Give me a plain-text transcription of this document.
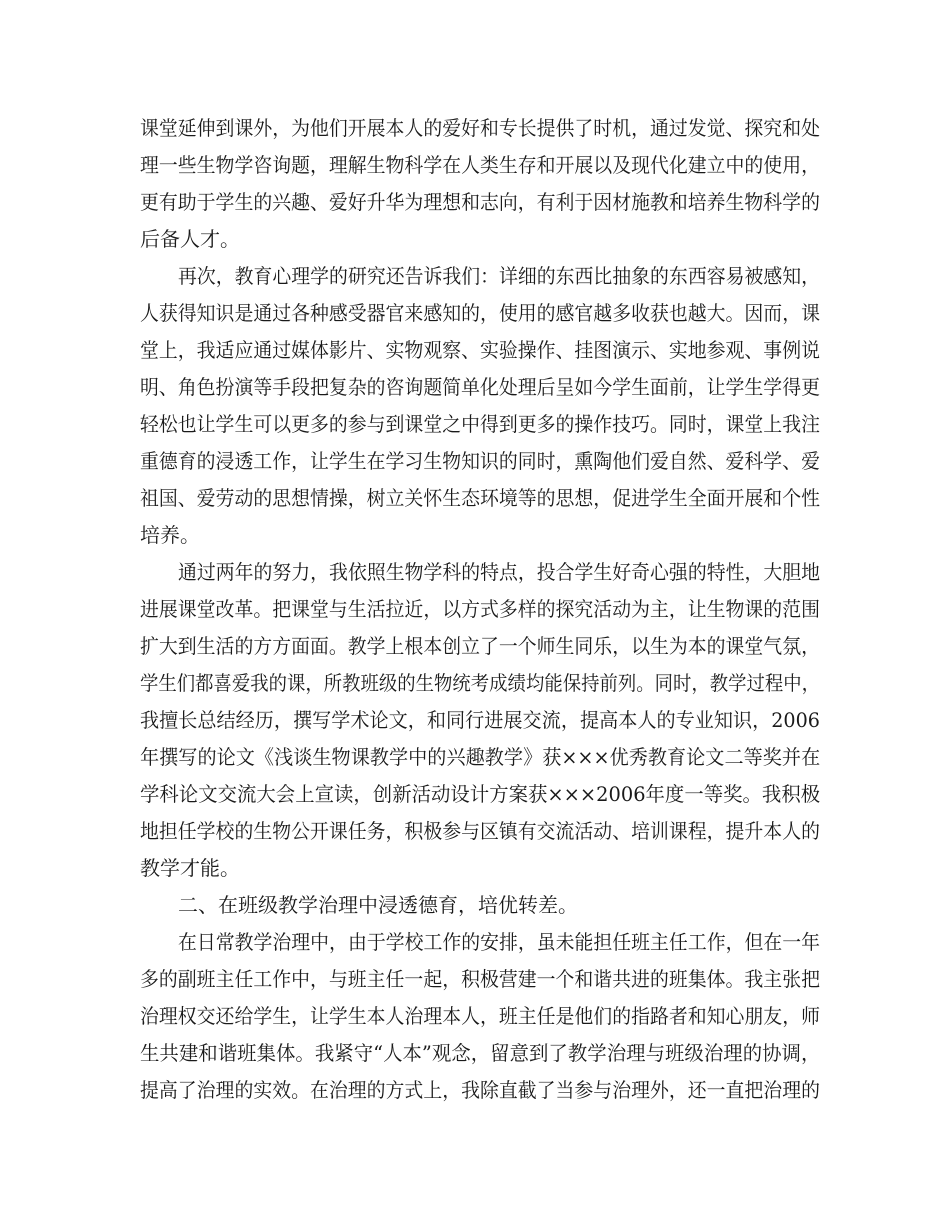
课堂延伸到课外，为他们开展本人的爱好和专长提供了时机，通过发觉、探究和处

理一些生物学咨询题，理解生物科学在人类生存和开展以及现代化建立中的使用，

更有助于学生的兴趣、爱好升华为理想和志向，有利于因材施教和培养生物科学的

后备人才。

再次，教育心理学的研究还告诉我们：详细的东西比抽象的东西容易被感知，

人获得知识是通过各种感受器官来感知的，使用的感官越多收获也越大。因而，课

堂上，我适应通过媒体影片、实物观察、实验操作、挂图演示、实地参观、事例说

明、角色扮演等手段把复杂的咨询题简单化处理后呈如今学生面前，让学生学得更

轻松也让学生可以更多的参与到课堂之中得到更多的操作技巧。同时，课堂上我注

重德育的浸透工作，让学生在学习生物知识的同时，熏陶他们爱自然、爱科学、爱

祖国、爱劳动的思想情操，树立关怀生态环境等的思想，促进学生全面开展和个性

培养。

通过两年的努力，我依照生物学科的特点，投合学生好奇心强的特性，大胆地

进展课堂改革。把课堂与生活拉近，以方式多样的探究活动为主，让生物课的范围

扩大到生活的方方面面。教学上根本创立了一个师生同乐，以生为本的课堂气氛，

学生们都喜爱我的课，所教班级的生物统考成绩均能保持前列。同时，教学过程中，

我擅长总结经历，撰写学术论文，和同行进展交流，提高本人的专业知识，2006

年撰写的论文《浅谈生物课教学中的兴趣教学》获×××优秀教育论文二等奖并在

学科论文交流大会上宣读，创新活动设计方案获×××2006年度一等奖。我积极

地担任学校的生物公开课任务，积极参与区镇有交流活动、培训课程，提升本人的

教学才能。

二、在班级教学治理中浸透德育，培优转差。

在日常教学治理中，由于学校工作的安排，虽未能担任班主任工作，但在一年

多的副班主任工作中，与班主任一起，积极营建一个和谐共进的班集体。我主张把

治理权交还给学生，让学生本人治理本人，班主任是他们的指路者和知心朋友，师

生共建和谐班集体。我紧守“人本”观念，留意到了教学治理与班级治理的协调，

提高了治理的实效。在治理的方式上，我除直截了当参与治理外，还一直把治理的
